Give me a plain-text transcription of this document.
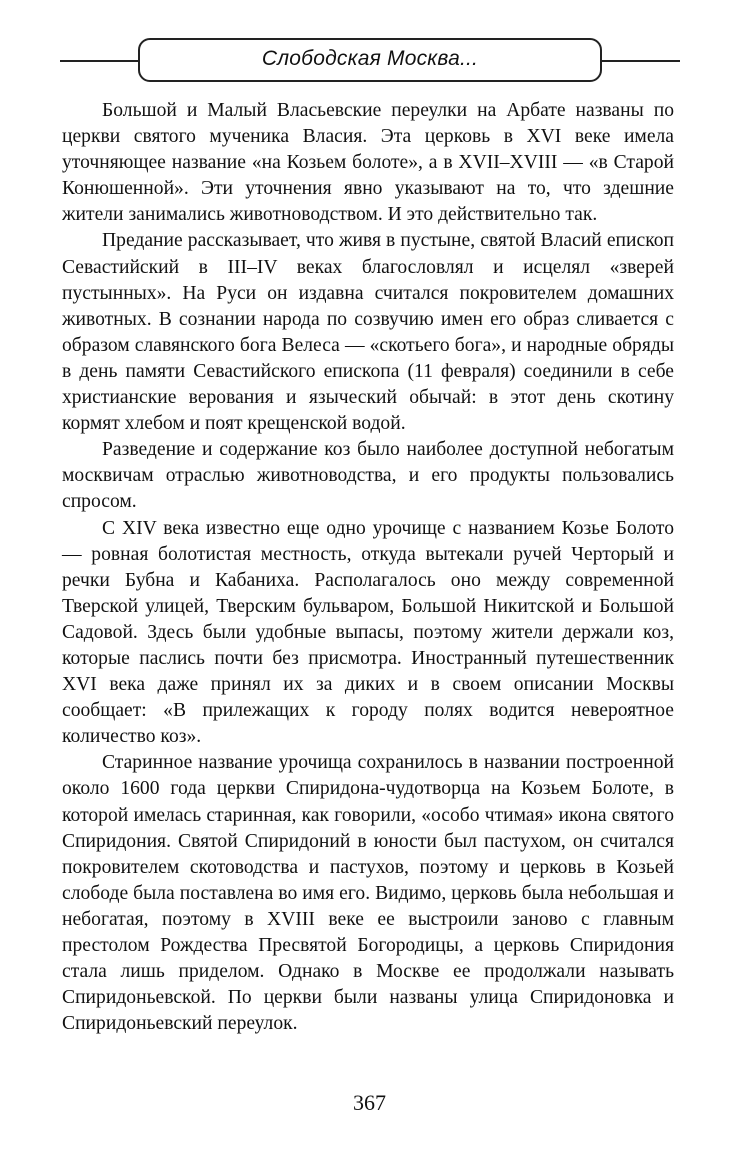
Слободская Москва...

Большой и Малый Власьевские переулки на Арбате названы по церкви святого мученика Власия. Эта церковь в XVI веке имела уточняющее название «на Козьем болоте», а в XVII–XVIII — «в Старой Конюшенной». Эти уточнения явно указывают на то, что здешние жители занимались животноводством. И это действительно так.

Предание рассказывает, что живя в пустыне, святой Власий епископ Севастийский в III–IV веках благословлял и исцелял «зверей пустынных». На Руси он издавна считался покровителем домашних животных. В сознании народа по созвучию имен его образ сливается с образом славянского бога Велеса — «скотьего бога», и народные обряды в день памяти Севастийского епископа (11 февраля) соединили в себе христианские верования и языческий обычай: в этот день скотину кормят хлебом и поят крещенской водой.

Разведение и содержание коз было наиболее доступной небогатым москвичам отраслью животноводства, и его продукты пользовались спросом.

С XIV века известно еще одно урочище с названием Козье Болото — ровная болотистая местность, откуда вытекали ручей Черторый и речки Бубна и Кабаниха. Располагалось оно между современной Тверской улицей, Тверским бульваром, Большой Никитской и Большой Садовой. Здесь были удобные выпасы, поэтому жители держали коз, которые паслись почти без присмотра. Иностранный путешественник XVI века даже принял их за диких и в своем описании Москвы сообщает: «В прилежащих к городу полях водится невероятное количество коз».

Старинное название урочища сохранилось в названии построенной около 1600 года церкви Спиридона-чудотворца на Козьем Болоте, в которой имелась старинная, как говорили, «особо чтимая» икона святого Спиридония. Святой Спиридоний в юности был пастухом, он считался покровителем скотоводства и пастухов, поэтому и церковь в Козьей слободе была поставлена во имя его. Видимо, церковь была небольшая и небогатая, поэтому в XVIII веке ее выстроили заново с главным престолом Рождества Пресвятой Богородицы, а церковь Спиридония стала лишь приделом. Однако в Москве ее продолжали называть Спиридоньевской. По церкви были названы улица Спиридоновка и Спиридоньевский переулок.

367
